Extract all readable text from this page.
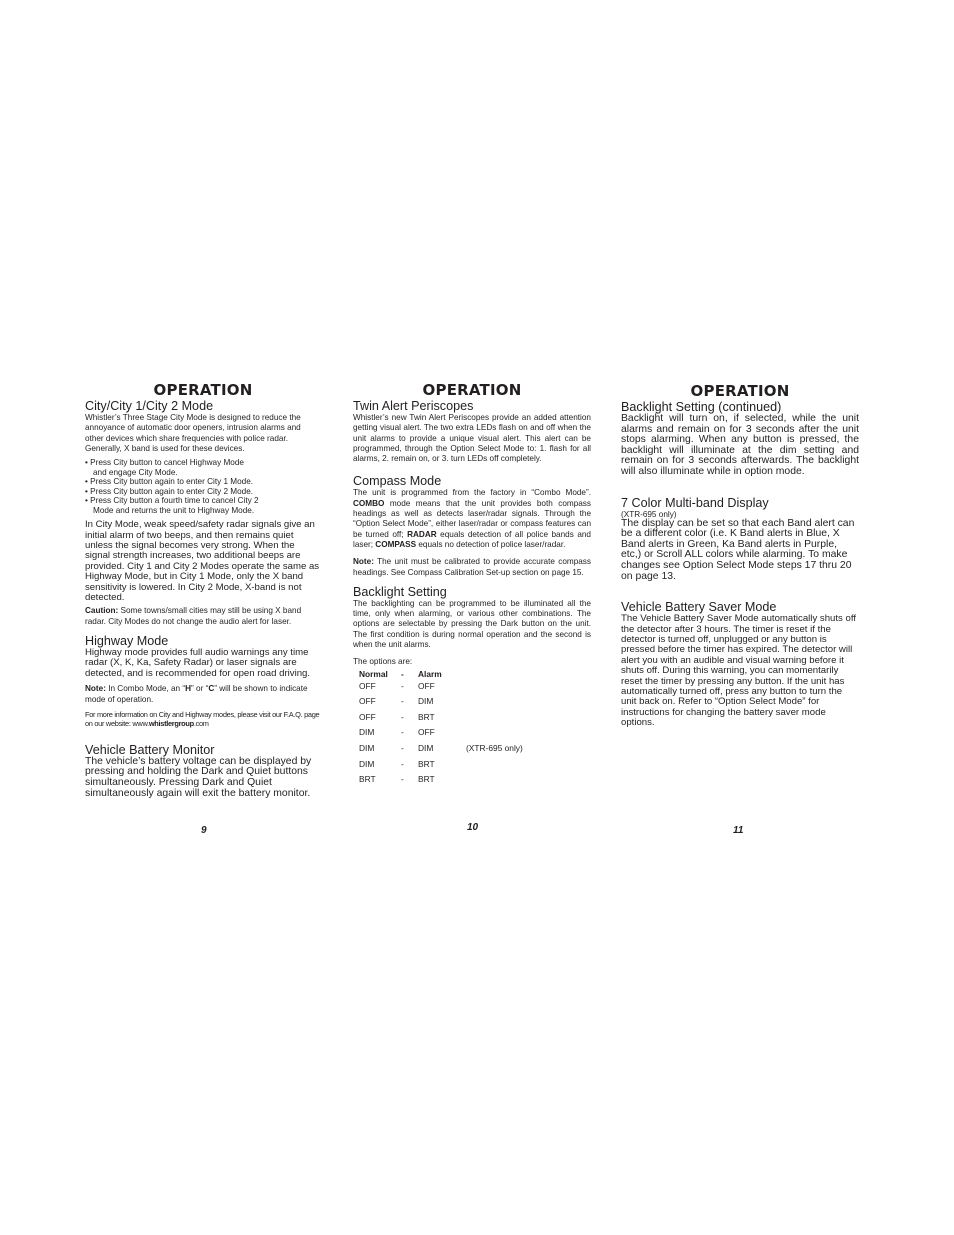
OPERATION
City/City 1/City 2 Mode

Whistler’s Three Stage City Mode is designed to reduce the annoyance of automatic door openers, intrusion alarms and other devices which share frequencies with police radar. Generally, X band is used for these devices.

• Press City button to cancel Highway Mode
and engage City Mode.
• Press City button again to enter City 1 Mode.
• Press City button again to enter City 2 Mode.
• Press City button a fourth time to cancel City 2
Mode and returns the unit to Highway Mode.

In City Mode, weak speed/safety radar signals give an initial alarm of two beeps, and then remains quiet unless the signal becomes very strong. When the signal strength increases, two additional beeps are provided. City 1 and City 2 Modes operate the same as Highway Mode, but in City 1 Mode, only the X band sensitivity is lowered. In City 2 Mode, X-band is not detected.

Caution: Some towns/small cities may still be using X band radar. City Modes do not change the audio alert for laser.

Highway Mode

Highway mode provides full audio warnings any time radar (X, K, Ka, Safety Radar) or laser signals are detected, and is recommended for open road driving.

Note: In Combo Mode, an “H” or “C” will be shown to indicate mode of operation.

For more information on City and Highway modes, please visit our F.A.Q. page on our website: www.whistlergroup.com

Vehicle Battery Monitor

The vehicle’s battery voltage can be displayed by pressing and holding the Dark and Quiet buttons simultaneously. Pressing Dark and Quiet simultaneously again will exit the battery monitor.

9
OPERATION
Twin Alert Periscopes

Whistler’s new Twin Alert Periscopes provide an added attention getting visual alert. The two extra LEDs flash on and off when the unit alarms to provide a unique visual alert. This alert can be programmed, through the Option Select Mode to: 1. flash for all alarms, 2. remain on, or 3. turn LEDs off completely.

Compass Mode

The unit is programmed from the factory in “Combo Mode”. COMBO mode means that the unit provides both compass headings as well as detects laser/radar signals. Through the “Option Select Mode”, either laser/radar or compass features can be turned off; RADAR equals detection of all police bands and laser; COMPASS equals no detection of police laser/radar.

Note: The unit must be calibrated to provide accurate compass headings. See Compass Calibration Set-up section on page 15.

Backlight Setting

The backlighting can be programmed to be illuminated all the time, only when alarming, or various other combinations. The options are selectable by pressing the Dark button on the unit. The first condition is during normal operation and the second is when the unit alarms.

The options are:

Normal	-	Alarm	
OFF	-	OFF	
OFF	-	DIM	
OFF	-	BRT	
DIM	-	OFF	
DIM	-	DIM	(XTR-695 only)
DIM	-	BRT	
BRT	-	BRT	
10
OPERATION
Backlight Setting (continued)

Backlight will turn on, if selected, while the unit alarms and remain on for 3 seconds after the unit stops alarming. When any button is pressed, the backlight will illuminate at the dim setting and remain on for 3 seconds afterwards. The backlight will also illuminate while in option mode.

7 Color Multi-band Display

(XTR-695 only)

The display can be set so that each Band alert can be a different color (i.e. K Band alerts in Blue, X Band alerts in Green, Ka Band alerts in Purple, etc,) or Scroll ALL colors while alarming. To make changes see Option Select Mode steps 17 thru 20 on page 13.

Vehicle Battery Saver Mode

The Vehicle Battery Saver Mode automatically shuts off the detector after 3 hours. The timer is reset if the detector is turned off, unplugged or any button is pressed before the timer has expired. The detector will alert you with an audible and visual warning before it shuts off. During this warning, you can momentarily reset the timer by pressing any button. If the unit has automatically turned off, press any button to turn the unit back on. Refer to “Option Select Mode” for instructions for changing the battery saver mode options.

11
